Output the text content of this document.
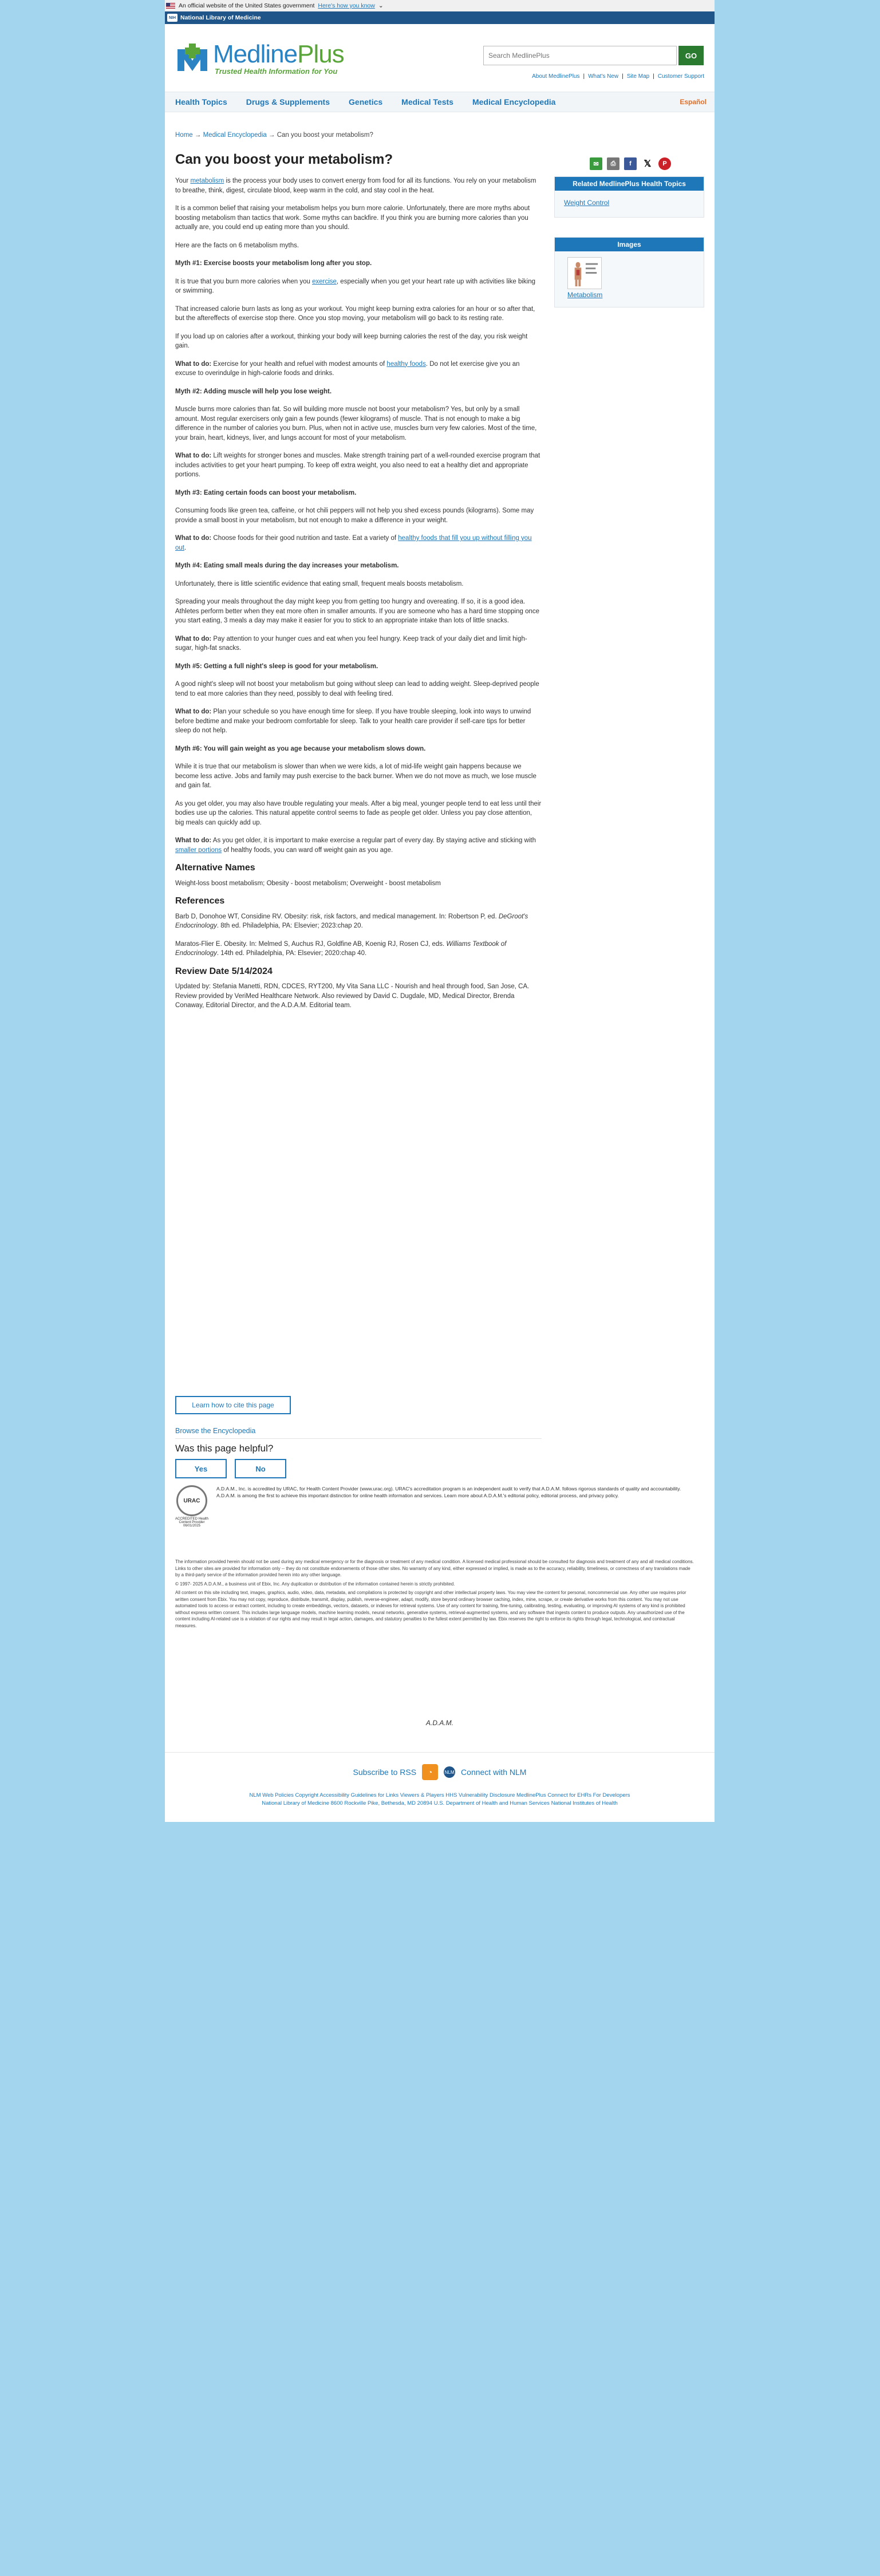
An official website of the United States government Here's how you know ⌄
NIH National Library of Medicine
MedlinePlus
Trusted Health Information for You
Search MedlinePlus
GO
About MedlinePlus | What's New | Site Map | Customer Support
Health Topics Drugs & Supplements Genetics Medical Tests Medical Encyclopedia	Español
Home → Medical Encyclopedia → Can you boost your metabolism?
✉	⎙	f	𝕏	P
Related MedlinePlus Health Topics
Weight Control
Images
Metabolism
Can you boost your metabolism?

Your metabolism is the process your body uses to convert energy from food for all its functions. You rely on your metabolism to breathe, think, digest, circulate blood, keep warm in the cold, and stay cool in the heat.

It is a common belief that raising your metabolism helps you burn more calorie. Unfortunately, there are more myths about boosting metabolism than tactics that work. Some myths can backfire. If you think you are burning more calories than you actually are, you could end up eating more than you should.

Here are the facts on 6 metabolism myths.

Myth #1: Exercise boosts your metabolism long after you stop.

It is true that you burn more calories when you exercise, especially when you get your heart rate up with activities like biking or swimming.

That increased calorie burn lasts as long as your workout. You might keep burning extra calories for an hour or so after that, but the aftereffects of exercise stop there. Once you stop moving, your metabolism will go back to its resting rate.

If you load up on calories after a workout, thinking your body will keep burning calories the rest of the day, you risk weight gain.

What to do: Exercise for your health and refuel with modest amounts of healthy foods. Do not let exercise give you an excuse to overindulge in high-calorie foods and drinks.

Myth #2: Adding muscle will help you lose weight.

Muscle burns more calories than fat. So will building more muscle not boost your metabolism? Yes, but only by a small amount. Most regular exercisers only gain a few pounds (fewer kilograms) of muscle. That is not enough to make a big difference in the number of calories you burn. Plus, when not in active use, muscles burn very few calories. Most of the time, your brain, heart, kidneys, liver, and lungs account for most of your metabolism.

What to do: Lift weights for stronger bones and muscles. Make strength training part of a well-rounded exercise program that includes activities to get your heart pumping. To keep off extra weight, you also need to eat a healthy diet and appropriate portions.

Myth #3: Eating certain foods can boost your metabolism.

Consuming foods like green tea, caffeine, or hot chili peppers will not help you shed excess pounds (kilograms). Some may provide a small boost in your metabolism, but not enough to make a difference in your weight.

What to do: Choose foods for their good nutrition and taste. Eat a variety of healthy foods that fill you up without filling you out.

Myth #4: Eating small meals during the day increases your metabolism.

Unfortunately, there is little scientific evidence that eating small, frequent meals boosts metabolism.

Spreading your meals throughout the day might keep you from getting too hungry and overeating. If so, it is a good idea. Athletes perform better when they eat more often in smaller amounts. If you are someone who has a hard time stopping once you start eating, 3 meals a day may make it easier for you to stick to an appropriate intake than lots of little snacks.

What to do: Pay attention to your hunger cues and eat when you feel hungry. Keep track of your daily diet and limit high-sugar, high-fat snacks.

Myth #5: Getting a full night's sleep is good for your metabolism.

A good night's sleep will not boost your metabolism but going without sleep can lead to adding weight. Sleep-deprived people tend to eat more calories than they need, possibly to deal with feeling tired.

What to do: Plan your schedule so you have enough time for sleep. If you have trouble sleeping, look into ways to unwind before bedtime and make your bedroom comfortable for sleep. Talk to your health care provider if self-care tips for better sleep do not help.

Myth #6: You will gain weight as you age because your metabolism slows down.

While it is true that our metabolism is slower than when we were kids, a lot of mid-life weight gain happens because we become less active. Jobs and family may push exercise to the back burner. When we do not move as much, we lose muscle and gain fat.

As you get older, you may also have trouble regulating your meals. After a big meal, younger people tend to eat less until their bodies use up the calories. This natural appetite control seems to fade as people get older. Unless you pay close attention, big meals can quickly add up.

What to do: As you get older, it is important to make exercise a regular part of every day. By staying active and sticking with smaller portions of healthy foods, you can ward off weight gain as you age.

Alternative Names

Weight-loss boost metabolism; Obesity - boost metabolism; Overweight - boost metabolism

References

Barb D, Donohoe WT, Considine RV. Obesity: risk, risk factors, and medical management. In: Robertson P, ed. DeGroot's Endocrinology. 8th ed. Philadelphia, PA: Elsevier; 2023:chap 20.

Maratos-Flier E. Obesity. In: Melmed S, Auchus RJ, Goldfine AB, Koenig RJ, Rosen CJ, eds. Williams Textbook of Endocrinology. 14th ed. Philadelphia, PA: Elsevier; 2020:chap 40.

Review Date 5/14/2024

Updated by: Stefania Manetti, RDN, CDCES, RYT200, My Vita Sana LLC - Nourish and heal through food, San Jose, CA. Review provided by VeriMed Healthcare Network. Also reviewed by David C. Dugdale, MD, Medical Director, Brenda Conaway, Editorial Director, and the A.D.A.M. Editorial team.

Learn how to cite this page
Browse the Encyclopedia
Was this page helpful?
Yes	No
URAC
ACCREDITED Health Content Provider 06/01/2025
A.D.A.M., Inc. is accredited by URAC, for Health Content Provider (www.urac.org). URAC's accreditation program is an independent audit to verify that A.D.A.M. follows rigorous standards of quality and accountability. A.D.A.M. is among the first to achieve this important distinction for online health information and services. Learn more about A.D.A.M.'s editorial policy, editorial process, and privacy policy.

The information provided herein should not be used during any medical emergency or for the diagnosis or treatment of any medical condition. A licensed medical professional should be consulted for diagnosis and treatment of any and all medical conditions. Links to other sites are provided for information only -- they do not constitute endorsements of those other sites. No warranty of any kind, either expressed or implied, is made as to the accuracy, reliability, timeliness, or correctness of any translations made by a third-party service of the information provided herein into any other language.

© 1997- 2025 A.D.A.M., a business unit of Ebix, Inc. Any duplication or distribution of the information contained herein is strictly prohibited.

All content on this site including text, images, graphics, audio, video, data, metadata, and compilations is protected by copyright and other intellectual property laws. You may view the content for personal, noncommercial use. Any other use requires prior written consent from Ebix. You may not copy, reproduce, distribute, transmit, display, publish, reverse-engineer, adapt, modify, store beyond ordinary browser caching, index, mine, scrape, or create derivative works from this content. You may not use automated tools to access or extract content, including to create embeddings, vectors, datasets, or indexes for retrieval systems. Use of any content for training, fine-tuning, calibrating, testing, evaluating, or improving AI systems of any kind is prohibited without express written consent. This includes large language models, machine learning models, neural networks, generative systems, retrieval-augmented systems, and any software that ingests content to produce outputs. Any unauthorized use of the content including AI-related use is a violation of our rights and may result in legal action, damages, and statutory penalties to the fullest extent permitted by law. Ebix reserves the right to enforce its rights through legal, technological, and contractual measures.

A.D.A.M.
Subscribe to RSS	◔	NLM Connect with NLM
NLM Web Policies Copyright Accessibility Guidelines for Links Viewers & Players HHS Vulnerability Disclosure MedlinePlus Connect for EHRs For Developers
National Library of Medicine 8600 Rockville Pike, Bethesda, MD 20894 U.S. Department of Health and Human Services National Institutes of Health
